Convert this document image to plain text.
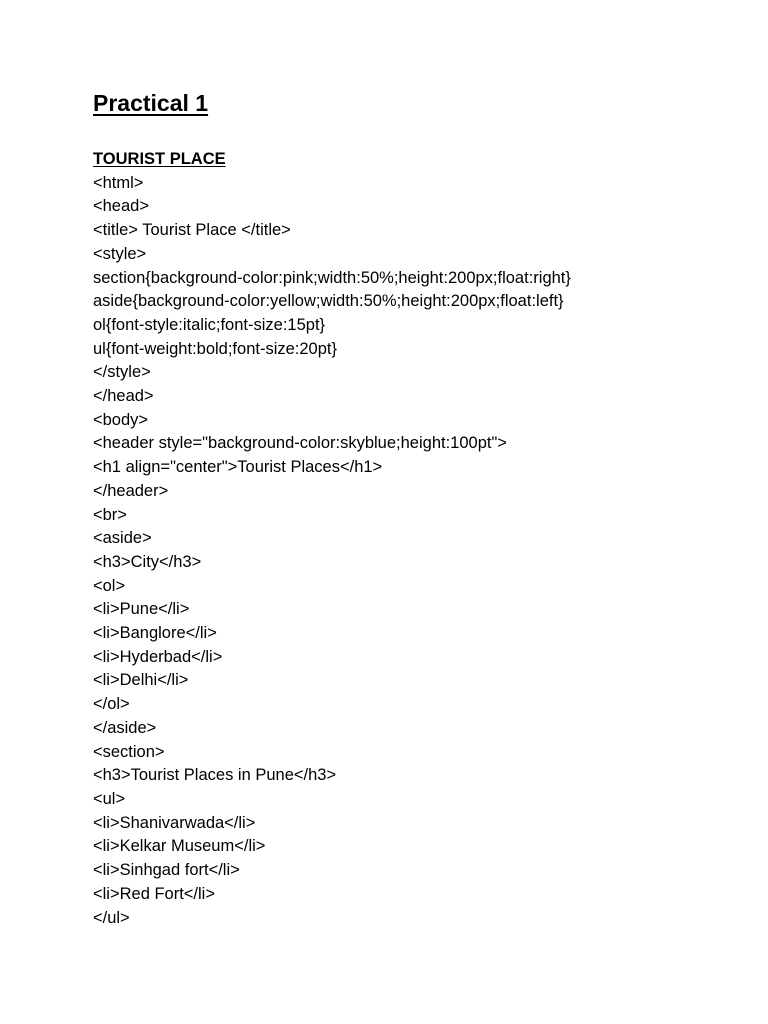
Practical 1
TOURIST PLACE
<html>
<head>
<title> Tourist Place </title>
<style>
section{background-color:pink;width:50%;height:200px;float:right}
aside{background-color:yellow;width:50%;height:200px;float:left}
ol{font-style:italic;font-size:15pt}
ul{font-weight:bold;font-size:20pt}
</style>
</head>
<body>
<header style="background-color:skyblue;height:100pt">
<h1 align="center">Tourist Places</h1>
</header>
<br>
<aside>
<h3>City</h3>
<ol>
<li>Pune</li>
<li>Banglore</li>
<li>Hyderbad</li>
<li>Delhi</li>
</ol>
</aside>
<section>
<h3>Tourist Places in Pune</h3>
<ul>
<li>Shanivarwada</li>
<li>Kelkar Museum</li>
<li>Sinhgad fort</li>
<li>Red Fort</li>
</ul>
